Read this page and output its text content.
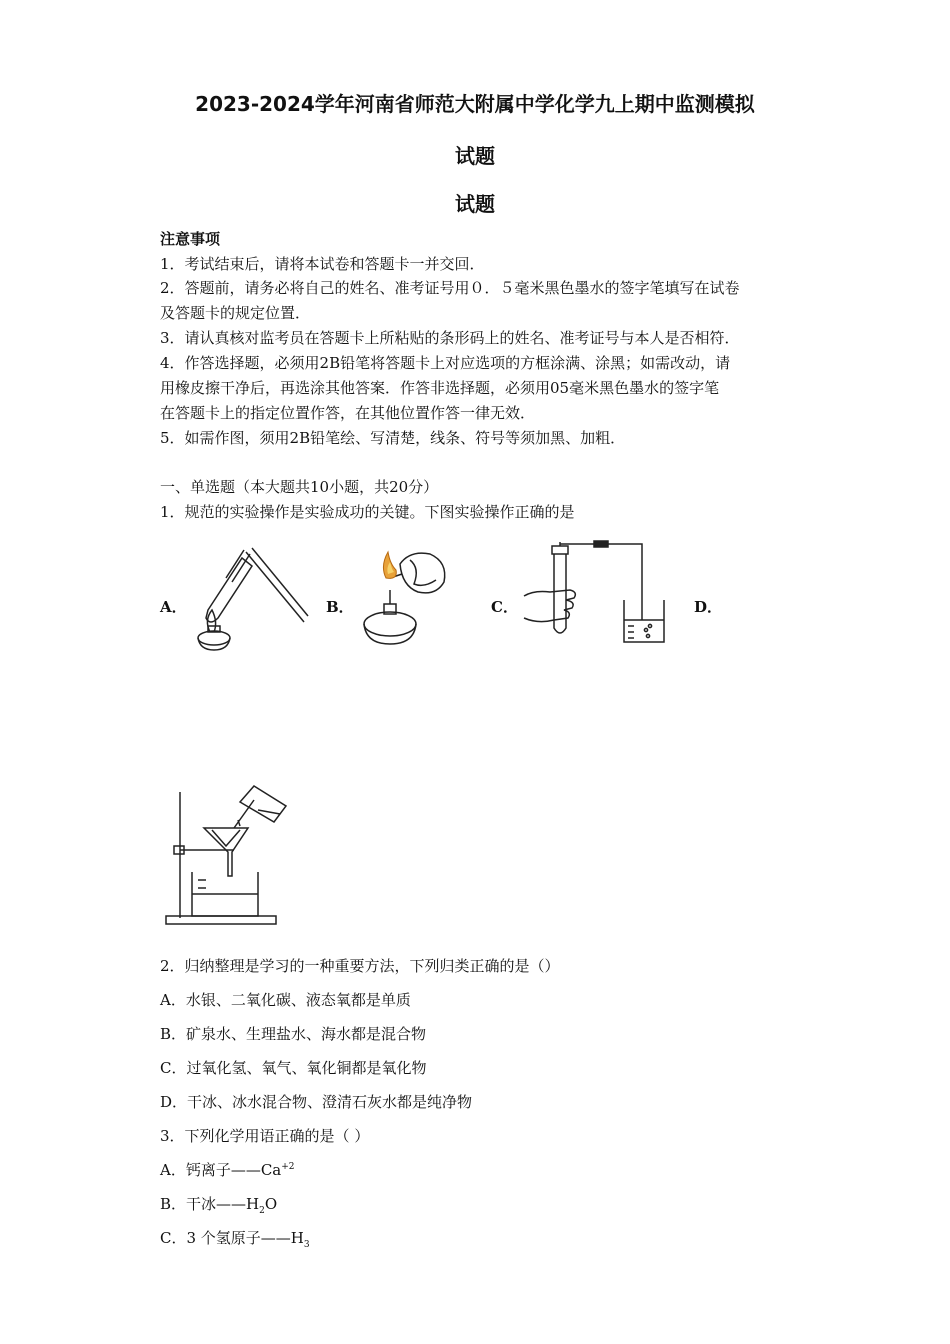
2023-2024学年河南省师范大附属中学化学九上期中监测模拟
试题
试题
注意事项
1．考试结束后，请将本试卷和答题卡一并交回．
2．答题前，请务必将自己的姓名、准考证号用０．５毫米黑色墨水的签字笔填写在试卷
及答题卡的规定位置．
3．请认真核对监考员在答题卡上所粘贴的条形码上的姓名、准考证号与本人是否相符．
4．作答选择题，必须用2B铅笔将答题卡上对应选项的方框涂满、涂黑；如需改动，请
用橡皮擦干净后，再选涂其他答案．作答非选择题，必须用05毫米黑色墨水的签字笔
在答题卡上的指定位置作答，在其他位置作答一律无效．
5．如需作图，须用2B铅笔绘、写清楚，线条、符号等须加黑、加粗．
一、单选题（本大题共10小题，共20分）
1．规范的实验操作是实验成功的关键。下图实验操作正确的是
A．	B．	C．	D．
2．归纳整理是学习的一种重要方法，下列归类正确的是（）
A．水银、二氧化碳、液态氧都是单质
B．矿泉水、生理盐水、海水都是混合物
C．过氧化氢、氧气、氧化铜都是氧化物
D．干冰、冰水混合物、澄清石灰水都是纯净物
3．下列化学用语正确的是（ ）
A．钙离子$——Ca^{+2}$
B．干冰$——H_2O$
C．3 个氢原子$——H_3$
